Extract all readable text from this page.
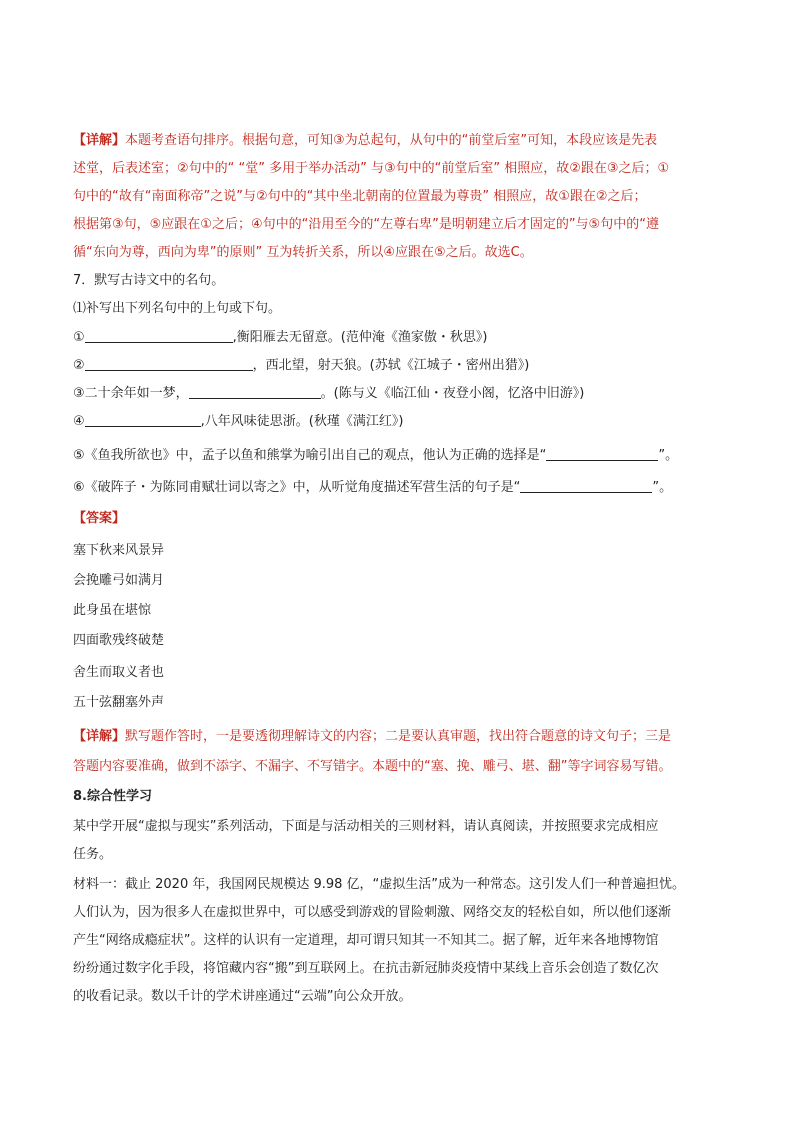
【详解】本题考查语句排序。根据句意，可知③为总起句，从句中的“前堂后室”可知，本段应该是先表
述堂，后表述室；②句中的“ “堂” 多用于举办活动” 与③句中的“前堂后室” 相照应，故②跟在③之后；①
句中的“故有“南面称帝”之说”与②句中的“其中坐北朝南的位置最为尊贵” 相照应，故①跟在②之后；
根据第③句，⑤应跟在①之后；④句中的“沿用至今的“左尊右卑”是明朝建立后才固定的”与⑤句中的“遵
循“东向为尊，西向为卑”的原则” 互为转折关系，所以④应跟在⑤之后。故选C。
7．默写古诗文中的名句。
⑴补写出下列名句中的上句或下句。
①	,衡阳雁去无留意。(范仲淹《渔家傲・秋思》)
②	，西北望，射天狼。(苏轼《江城子・密州出猎》)
③二十余年如一梦，	。(陈与义《临江仙・夜登小阁，忆洛中旧游》)
④	,八年风味徒思浙。(秋瑾《满江红》)
⑤《鱼我所欲也》中，孟子以鱼和熊掌为喻引出自己的观点，他认为正确的选择是“	”。
⑥《破阵子・为陈同甫赋壮词以寄之》中，从听觉角度描述军营生活的句子是“	”。
【答案】
塞下秋来风景异
会挽雕弓如满月
此身虽在堪惊
四面歌残终破楚
舍生而取义者也
五十弦翻塞外声
【详解】默写题作答时，一是要透彻理解诗文的内容；二是要认真审题，找出符合题意的诗文句子；三是
答题内容要准确，做到不添字、不漏字、不写错字。本题中的“塞、挽、雕弓、堪、翻”等字词容易写错。
8.综合性学习
某中学开展“虚拟与现实”系列活动，下面是与活动相关的三则材料，请认真阅读，并按照要求完成相应
任务。
材料一：截止 2020 年，我国网民规模达 9.98 亿，“虚拟生活”成为一种常态。这引发人们一种普遍担忧。
人们认为，因为很多人在虚拟世界中，可以感受到游戏的冒险刺激、网络交友的轻松自如，所以他们逐渐
产生“网络成瘾症状”。这样的认识有一定道理，却可谓只知其一不知其二。据了解，近年来各地博物馆
纷纷通过数字化手段，将馆藏内容“搬”到互联网上。在抗击新冠肺炎疫情中某线上音乐会创造了数亿次
的收看记录。数以千计的学术讲座通过“云端”向公众开放。
